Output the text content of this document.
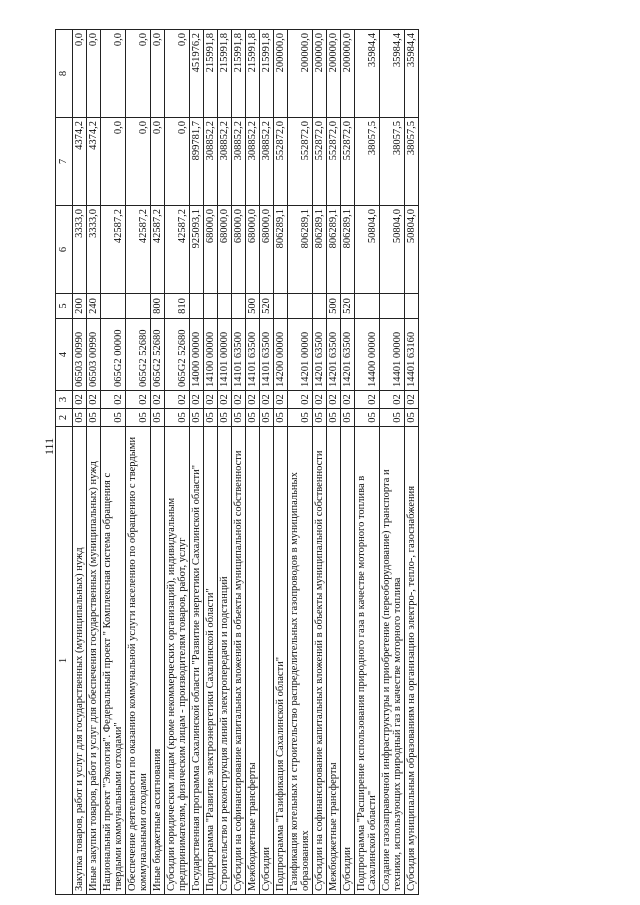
111
1	2	3	4	5	6	7	8
Закупка товаров, работ и услуг для государственных (муниципальных) нужд	05	02	06503 00990	200	3333,0	4374,2	0,0
Иные закупки товаров, работ и услуг для обеспечения государственных (муниципальных) нужд	05	02	06503 00990	240	3333,0	4374,2	0,0
Национальный проект "Экология". Федеральный проект " Комплексная система обращения с твердыми коммунальными отходами"	05	02	065G2 00000		42587,2	0,0	0,0
Обеспечение деятельности по оказанию коммунальной услуги населению по обращению с твердыми коммунальными отходами	05	02	065G2 52680		42587,2	0,0	0,0
Иные бюджетные ассигнования	05	02	065G2 52680	800	42587,2	0,0	0,0
Субсидии юридическим лицам (кроме некоммерческих организаций), индивидуальным предпринимателям, физическим лицам - производителям товаров, работ, услуг	05	02	065G2 52680	810	42587,2	0,0	0,0
Государственная программа Сахалинской области "Развитие энергетики Сахалинской области"	05	02	14000 00000		925093,1	899781,7	451976,2
Подпрограмма "Развитие электроэнергетики Сахалинской области"	05	02	14100 00000		68000,0	308852,2	215991,8
Строительство и реконструкция линий электропередачи и подстанций	05	02	14101 00000		68000,0	308852,2	215991,8
Субсидии на софинансирование капитальных вложений в объекты муниципальной собственности	05	02	14101 63500		68000,0	308852,2	215991,8
Межбюджетные трансферты	05	02	14101 63500	500	68000,0	308852,2	215991,8
Субсидии	05	02	14101 63500	520	68000,0	308852,2	215991,8
Подпрограмма "Газификация Сахалинской области"	05	02	14200 00000		806289,1	552872,0	200000,0
Газификация котельных и строительство распределительных газопроводов в муниципальных образованиях	05	02	14201 00000		806289,1	552872,0	200000,0
Субсидии на софинансирование капитальных вложений в объекты муниципальной собственности	05	02	14201 63500		806289,1	552872,0	200000,0
Межбюджетные трансферты	05	02	14201 63500	500	806289,1	552872,0	200000,0
Субсидии	05	02	14201 63500	520	806289,1	552872,0	200000,0
Подпрограмма "Расширение использования природного газа в качестве моторного топлива в Сахалинской области"	05	02	14400 00000		50804,0	38057,5	35984,4
Создание газозаправочной инфраструктуры и приобретение (переоборудование) транспорта и техники, использующих природный газ в качестве моторного топлива	05	02	14401 00000		50804,0	38057,5	35984,4
Субсидия муниципальным образованиям на организацию электро-, тепло-, газоснабжения	05	02	14401 63160		50804,0	38057,5	35984,4
